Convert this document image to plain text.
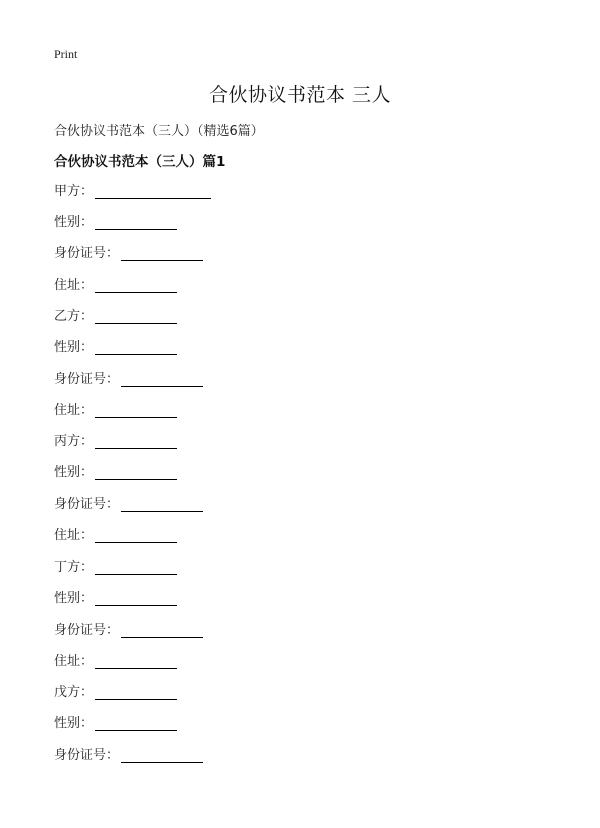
Print
合伙协议书范本 三人
合伙协议书范本（三人）（精选6篇）
合伙协议书范本（三人）篇1
甲方：
性别：
身份证号：
住址：
乙方：
性别：
身份证号：
住址：
丙方：
性别：
身份证号：
住址：
丁方：
性别：
身份证号：
住址：
戊方：
性别：
身份证号：
